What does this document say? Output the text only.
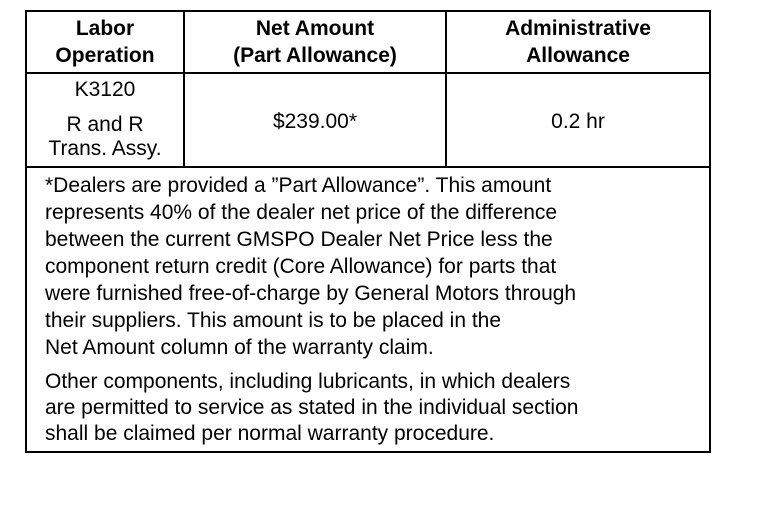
Labor
Operation
Net Amount
(Part Allowance)
Administrative
Allowance
K3120
R and R
Trans. Assy.
$239.00*	0.2 hr

*Dealers are provided a ”Part Allowance”. This amount
represents 40% of the dealer net price of the difference
between the current GMSPO Dealer Net Price less the
component return credit (Core Allowance) for parts that
were furnished free-of-charge by General Motors through
their suppliers. This amount is to be placed in the
Net Amount column of the warranty claim.

Other components, including lubricants, in which dealers
are permitted to service as stated in the individual section
shall be claimed per normal warranty procedure.
